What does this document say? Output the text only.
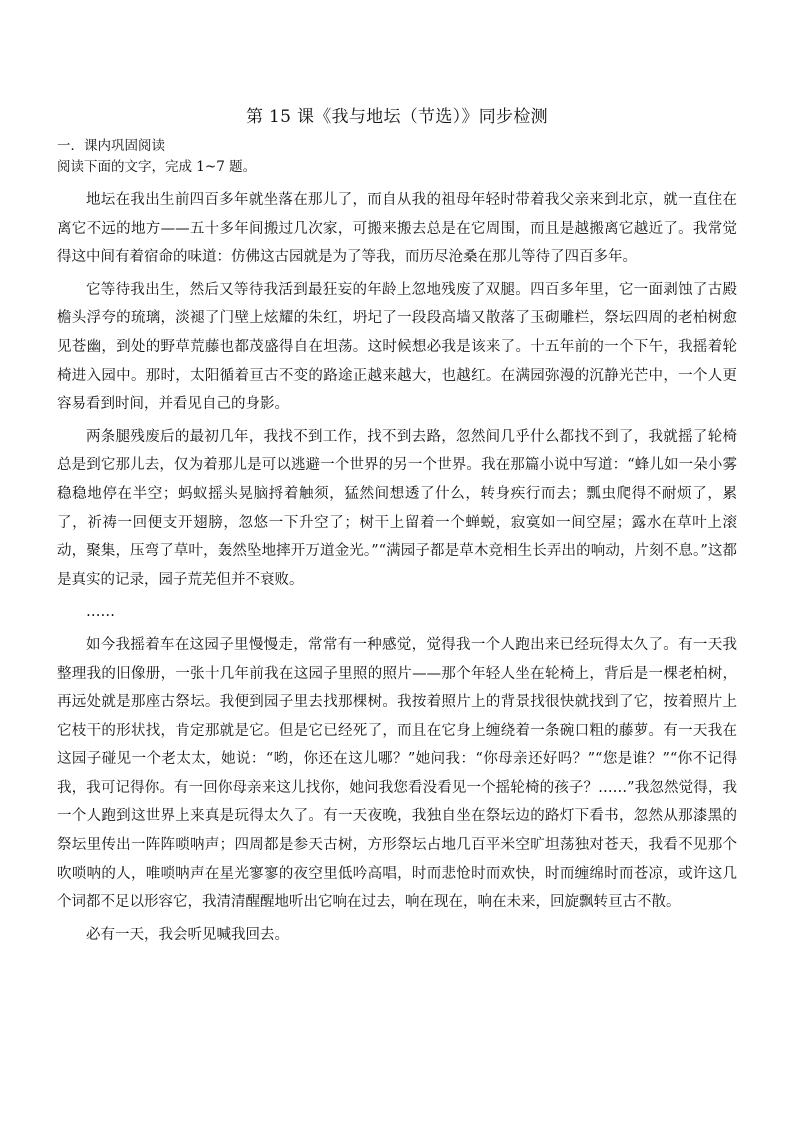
第 15 课《我与地坛（节选）》同步检测

一．课内巩固阅读

阅读下面的文字，完成 1~7 题。

地坛在我出生前四百多年就坐落在那儿了，而自从我的祖母年轻时带着我父亲来到北京，就一直住在离它不远的地方——五十多年间搬过几次家，可搬来搬去总是在它周围，而且是越搬离它越近了。我常觉得这中间有着宿命的味道：仿佛这古园就是为了等我，而历尽沧桑在那儿等待了四百多年。

它等待我出生，然后又等待我活到最狂妄的年龄上忽地残废了双腿。四百多年里，它一面剥蚀了古殿檐头浮夸的琉璃，淡褪了门壁上炫耀的朱红，坍圮了一段段高墙又散落了玉砌雕栏，祭坛四周的老柏树愈见苍幽，到处的野草荒藤也都茂盛得自在坦荡。这时候想必我是该来了。十五年前的一个下午，我摇着轮椅进入园中。那时，太阳循着亘古不变的路途正越来越大，也越红。在满园弥漫的沉静光芒中，一个人更容易看到时间，并看见自己的身影。

两条腿残废后的最初几年，我找不到工作，找不到去路，忽然间几乎什么都找不到了，我就摇了轮椅总是到它那儿去，仅为着那儿是可以逃避一个世界的另一个世界。我在那篇小说中写道：“蜂儿如一朵小雾稳稳地停在半空；蚂蚁摇头晃脑捋着触须，猛然间想透了什么，转身疾行而去；瓢虫爬得不耐烦了，累了，祈祷一回便支开翅膀，忽悠一下升空了；树干上留着一个蝉蜕，寂寞如一间空屋；露水在草叶上滚动，聚集，压弯了草叶，轰然坠地摔开万道金光。”“满园子都是草木竞相生长弄出的响动，片刻不息。”这都是真实的记录，园子荒芜但并不衰败。

……

如今我摇着车在这园子里慢慢走，常常有一种感觉，觉得我一个人跑出来已经玩得太久了。有一天我整理我的旧像册，一张十几年前我在这园子里照的照片——那个年轻人坐在轮椅上，背后是一棵老柏树，再远处就是那座古祭坛。我便到园子里去找那棵树。我按着照片上的背景找很快就找到了它，按着照片上它枝干的形状找，肯定那就是它。但是它已经死了，而且在它身上缠绕着一条碗口粗的藤萝。有一天我在这园子碰见一个老太太，她说：“哟，你还在这儿哪？”她问我：“你母亲还好吗？”“您是谁？”“你不记得我，我可记得你。有一回你母亲来这儿找你，她问我您看没看见一个摇轮椅的孩子？……”我忽然觉得，我一个人跑到这世界上来真是玩得太久了。有一天夜晚，我独自坐在祭坛边的路灯下看书，忽然从那漆黑的祭坛里传出一阵阵唢呐声；四周都是参天古树，方形祭坛占地几百平米空旷坦荡独对苍天，我看不见那个吹唢呐的人，唯唢呐声在星光寥寥的夜空里低吟高唱，时而悲怆时而欢快，时而缠绵时而苍凉，或许这几个词都不足以形容它，我清清醒醒地听出它响在过去，响在现在，响在未来，回旋飘转亘古不散。

必有一天，我会听见喊我回去。
